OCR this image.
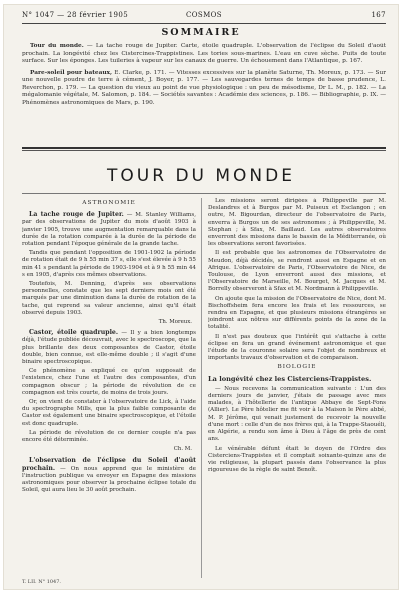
N° 1047 — 28 février 1905	COSMOS	167
SOMMAIRE

Tour du monde. — La tache rouge de Jupiter. Carte, étoile quadruple. L'observation de l'éclipse du Soleil d'août prochain. La longévité chez les Cistercines-Trappistines. Les tories sous-marines. L'eau en cuve sèche. Puits de toute surface. Sur les éponges. Les tuileries à vapeur sur les canaux de guerre. Un échouement dans l'Atlantique, p. 167.

Pare-soleil pour bateaux, E. Clarke, p. 171. — Vitesses excessives sur la planète Saturne, Th. Moreux, p. 173. — Sur une nouvelle poudre de terre à cément, J. Boyer, p. 177. — Les sauvegardes ternes de temps de basse prudence, L. Reverchon, p. 179. — La question du vieux au point de vue physiologique : un peu de mésodisme, Dr L. M., p. 182. — La mégalomanie végétale, M. Salomon, p. 184. — Sociétés savantes : Académie des sciences, p. 186. — Bibliographie, p. IX. — Phénomènes astronomiques de Mars, p. 190.

TOUR DU MONDE
ASTRONOMIE

La tache rouge de Jupiter. — M. Stanley Williams, par des observations de Jupiter du mois d'août 1903 à janvier 1905, trouve une augmentation remarquable dans la durée de la rotation comparée à la durée de la période de rotation pendant l'époque générale de la grande tache.

Tandis que pendant l'opposition de 1901-1902 la période de rotation était de 9 h 55 min 37 s, elle s'est élevée à 9 h 55 min 41 s pendant la période de 1903-1904 et à 9 h 55 min 44 s en 1905, d'après ces mêmes observations.

Toutefois, M. Denning, d'après ses observations personnelles, constate que les sept derniers mois ont été marqués par une diminution dans la durée de rotation de la tache, qui reprend sa valeur ancienne, ainsi qu'il était observé depuis 1903.

Th. Moreux.

Castor, étoile quadruple. — Il y a bien longtemps déjà, l'étude publiée découvrait, avec le spectroscope, que la plus brillante des deux composantes de Castor, étoile double, bien connue, est elle-même double ; il s'agit d'une binaire spectroscopique.

Ce phénomène a expliqué ce qu'on supposait de l'existence, chez l'une et l'autre des composantes, d'un compagnon obscur ; la période de révolution de ce compagnon est très courte, de moins de trois jours.

Or, on vient de constater à l'observatoire de Lick, à l'aide du spectrographe Mills, que la plus faible composante de Castor est également une binaire spectroscopique, et l'étoile est donc quadruple.

La période de révolution de ce dernier couple n'a pas encore été déterminée.

Ch. M.

L'observation de l'éclipse du Soleil d'août prochain. — On nous apprend que le ministère de l'instruction publique va envoyer en Espagne des missions astronomiques pour observer la prochaine éclipse totale du Soleil, qui aura lieu le 30 août prochain.

Les missions seront dirigées à Philippeville par M. Deslandres et à Burgos par M. Puiseux et Esclangon ; en outre, M. Bigourdan, directeur de l'observatoire de Paris, enverra à Burgos un de ses astronomes ; à Philippeville, M. Stephan ; à Sfax, M. Baillaud. Les autres observatoires enverront des missions dans le bassin de la Méditerranée, où les observations seront favorisées.

Il est probable que les astronomes de l'Observatoire de Meudon, déjà décidés, se rendront aussi en Espagne et en Afrique. L'observatoire de Paris, l'Observatoire de Nice, de Toulouse, de Lyon enverront aussi des missions, et l'Observatoire de Marseille, M. Bourget, M. Jacques et M. Borrelly observeront à Sfax et M. Nordmann à Philippeville.

On ajoute que la mission de l'Observatoire de Nice, dont M. Bischoffsheim fera encore les frais et les ressources, se rendra en Espagne, et que plusieurs missions étrangères se joindront aux nôtres sur différents points de la zone de la totalité.

Il n'est pas douteux que l'intérêt qui s'attache à cette éclipse en fera un grand événement astronomique et que l'étude de la couronne solaire sera l'objet de nombreux et importants travaux d'observation et de comparaison.

BIOLOGIE
La longévité chez les Cisterciens-Trappistes.

— Nous recevons la communication suivante : L'un des derniers jours de janvier, j'étais de passage avec mes malades, à l'hôtellerie de l'antique Abbaye de Sept-Fons (Allier). Le Père hôtelier me fit voir à la Maison le Père abbé, M. P. Jérôme, qui venait justement de recevoir la nouvelle d'une mort : celle d'un de nos frères qui, à la Trappe-Staouéli, en Algérie, a rendu son âme à Dieu à l'âge de près de cent ans.

Le vénérable défunt était le doyen de l'Ordre des Cisterciens-Trappistes et il comptait soixante-quinze ans de vie religieuse, la plupart passés dans l'observance la plus rigoureuse de la règle de saint Benoît.

T. LII. N° 1047.
